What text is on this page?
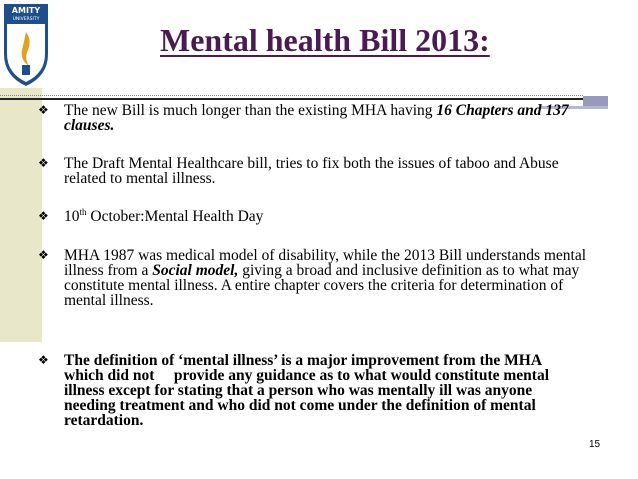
AMITY
UNIVERSITY
Mental health Bill 2013:
❖ The new Bill is much longer than the existing MHA having 16 Chapters and 137 clauses.
❖ The Draft Mental Healthcare bill, tries to fix both the issues of taboo and Abuse related to mental illness.
❖ 10th October:Mental Health Day
❖ MHA 1987 was medical model of disability, while the 2013 Bill understands mental illness from a Social model, giving a broad and inclusive definition as to what may constitute mental illness. A entire chapter covers the criteria for determination of mental illness.
❖ The definition of ‘mental illness’ is a major improvement from the MHA which did not     provide any guidance as to what would constitute mental illness except for stating that a person who was mentally ill was anyone needing treatment and who did not come under the definition of mental retardation.
15
